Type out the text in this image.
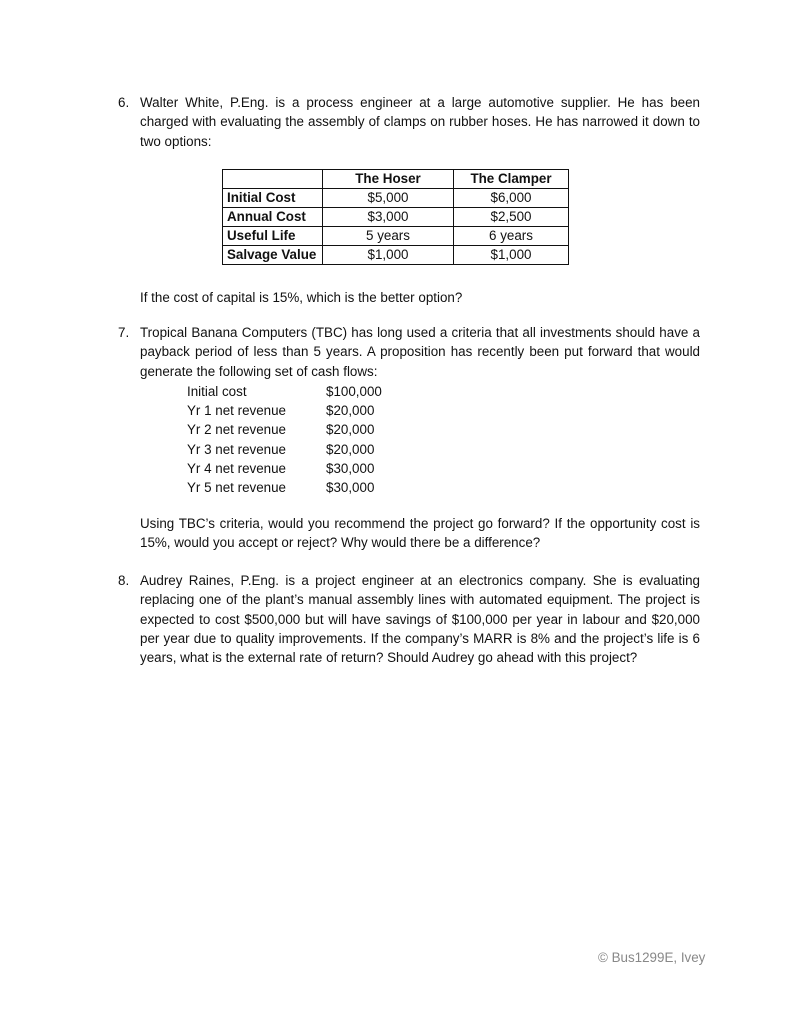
6. Walter White, P.Eng. is a process engineer at a large automotive supplier. He has been charged with evaluating the assembly of clamps on rubber hoses. He has narrowed it down to two options:
	The Hoser	The Clamper
Initial Cost	$5,000	$6,000
Annual Cost	$3,000	$2,500
Useful Life	5 years	6 years
Salvage Value	$1,000	$1,000
If the cost of capital is 15%, which is the better option?
7. Tropical Banana Computers (TBC) has long used a criteria that all investments should have a payback period of less than 5 years. A proposition has recently been put forward that would generate the following set of cash flows:
Initial cost	$100,000
Yr 1 net revenue	$20,000
Yr 2 net revenue	$20,000
Yr 3 net revenue	$20,000
Yr 4 net revenue	$30,000
Yr 5 net revenue	$30,000
Using TBC’s criteria, would you recommend the project go forward? If the opportunity cost is 15%, would you accept or reject? Why would there be a difference?
8. Audrey Raines, P.Eng. is a project engineer at an electronics company. She is evaluating replacing one of the plant’s manual assembly lines with automated equipment. The project is expected to cost $500,000 but will have savings of $100,000 per year in labour and $20,000 per year due to quality improvements. If the company’s MARR is 8% and the project’s life is 6 years, what is the external rate of return? Should Audrey go ahead with this project?
© Bus1299E, Ivey
